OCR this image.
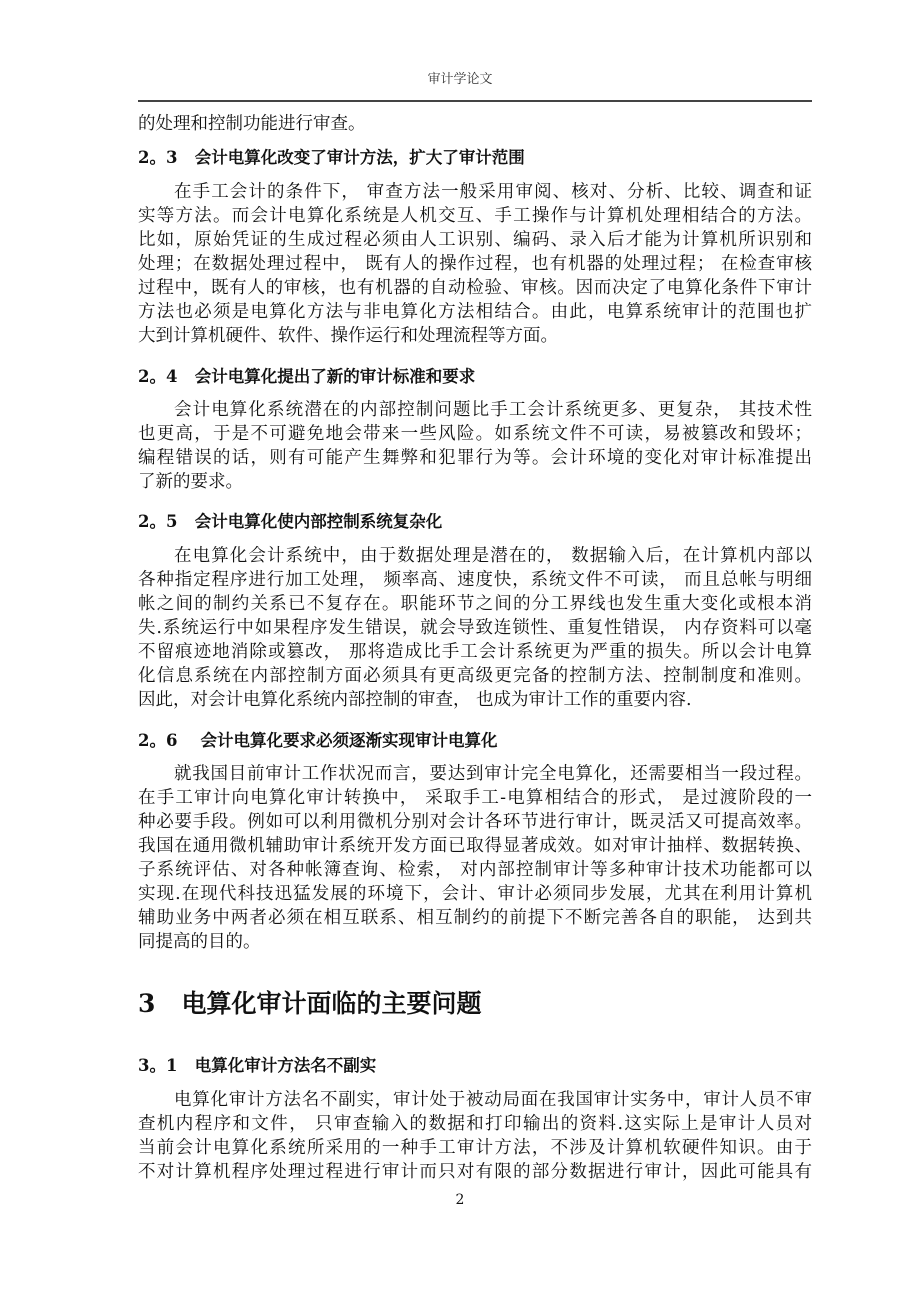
审计学论文
的处理和控制功能进行审查。
2。3   会计电算化改变了审计方法，扩大了审计范围
在手工会计的条件下， 审查方法一般采用审阅、核对、分析、比较、调查和证
实等方法。而会计电算化系统是人机交互、手工操作与计算机处理相结合的方法。
比如，原始凭证的生成过程必须由人工识别、编码、录入后才能为计算机所识别和
处理；在数据处理过程中， 既有人的操作过程，也有机器的处理过程； 在检查审核
过程中，既有人的审核，也有机器的自动检验、审核。因而决定了电算化条件下审计
方法也必须是电算化方法与非电算化方法相结合。由此，电算系统审计的范围也扩
大到计算机硬件、软件、操作运行和处理流程等方面。
2。4   会计电算化提出了新的审计标准和要求
会计电算化系统潜在的内部控制问题比手工会计系统更多、更复杂， 其技术性
也更高，于是不可避免地会带来一些风险。如系统文件不可读，易被篡改和毁坏；
编程错误的话，则有可能产生舞弊和犯罪行为等。会计环境的变化对审计标准提出
了新的要求。
2。5   会计电算化使内部控制系统复杂化
在电算化会计系统中，由于数据处理是潜在的， 数据输入后，在计算机内部以
各种指定程序进行加工处理， 频率高、速度快，系统文件不可读， 而且总帐与明细
帐之间的制约关系已不复存在。职能环节之间的分工界线也发生重大变化或根本消
失.系统运行中如果程序发生错误，就会导致连锁性、重复性错误， 内存资料可以毫
不留痕迹地消除或篡改， 那将造成比手工会计系统更为严重的损失。所以会计电算
化信息系统在内部控制方面必须具有更高级更完备的控制方法、控制制度和准则。
因此，对会计电算化系统内部控制的审查， 也成为审计工作的重要内容.
2。6    会计电算化要求必须逐渐实现审计电算化
就我国目前审计工作状况而言，要达到审计完全电算化，还需要相当一段过程。
在手工审计向电算化审计转换中， 采取手工-电算相结合的形式， 是过渡阶段的一
种必要手段。例如可以利用微机分别对会计各环节进行审计，既灵活又可提高效率。
我国在通用微机辅助审计系统开发方面已取得显著成效。如对审计抽样、数据转换、
子系统评估、对各种帐簿查询、检索， 对内部控制审计等多种审计技术功能都可以
实现.在现代科技迅猛发展的环境下，会计、审计必须同步发展，尤其在利用计算机
辅助业务中两者必须在相互联系、相互制约的前提下不断完善各自的职能， 达到共
同提高的目的。
3   电算化审计面临的主要问题
3。1   电算化审计方法名不副实
电算化审计方法名不副实，审计处于被动局面在我国审计实务中，审计人员不审
查机内程序和文件， 只审查输入的数据和打印输出的资料.这实际上是审计人员对
当前会计电算化系统所采用的一种手工审计方法，不涉及计算机软硬件知识。由于
不对计算机程序处理过程进行审计而只对有限的部分数据进行审计，因此可能具有
2
